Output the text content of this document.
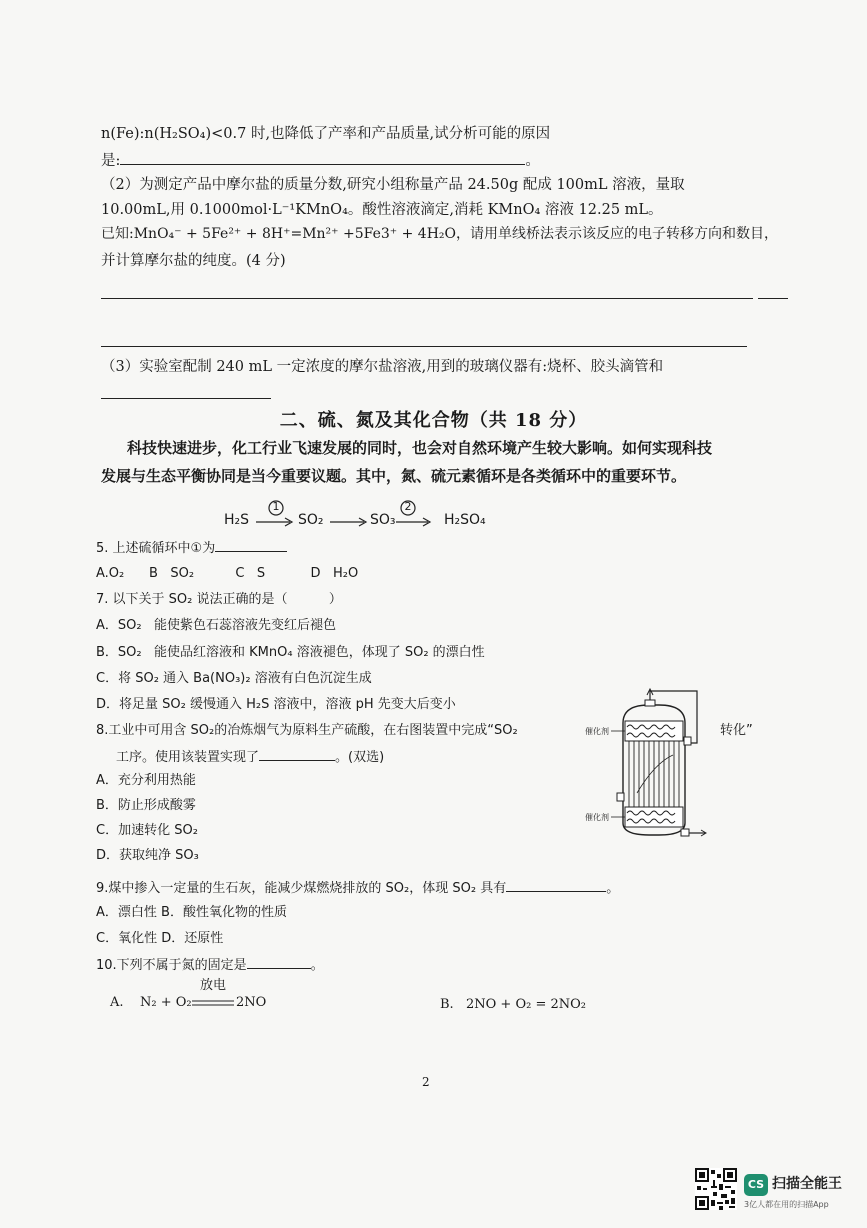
n(Fe):n(H₂SO₄)<0.7 时,也降低了产率和产品质量,试分析可能的原因
是:	。
（2）为测定产品中摩尔盐的质量分数,研究小组称量产品 24.50g 配成 100mL 溶液，量取
10.00mL,用 0.1000mol·L⁻¹KMnO₄。酸性溶液滴定,消耗 KMnO₄ 溶液 12.25 mL。
已知:MnO₄⁻ + 5Fe²⁺ + 8H⁺=Mn²⁺ +5Fe3⁺ + 4H₂O，请用单线桥法表示该反应的电子转移方向和数目，
并计算摩尔盐的纯度。(4 分)
（3）实验室配制 240 mL 一定浓度的摩尔盐溶液,用到的玻璃仪器有:烧杯、胶头滴管和
二、硫、氮及其化合物（共 18 分）
科技快速进步，化工行业飞速发展的同时，也会对自然环境产生较大影响。如何实现科技
发展与生态平衡协同是当今重要议题。其中，氮、硫元素循环是各类循环中的重要环节。
H₂S
1
SO₂	SO₃
2
H₂SO₄
5. 上述硫循环中①为
A.O₂      B   SO₂          C   S           D   H₂O
7. 以下关于 SO₂ 说法正确的是（          ）
A．SO₂   能使紫色石蕊溶液先变红后褪色
B．SO₂   能使品红溶液和 KMnO₄ 溶液褪色，体现了 SO₂ 的漂白性
C．将 SO₂ 通入 Ba(NO₃)₂ 溶液有白色沉淀生成
D．将足量 SO₂ 缓慢通入 H₂S 溶液中，溶液 pH 先变大后变小
8.工业中可用含 SO₂的冶炼烟气为原料生产硫酸，在右图装置中完成“SO₂	转化”
工序。使用该装置实现了	。(双选)
A．充分利用热能
B．防止形成酸雾
C．加速转化 SO₂
D．获取纯净 SO₃
催化剂
催化剂
9.煤中掺入一定量的生石灰，能减少煤燃烧排放的 SO₂，体现 SO₂ 具有	。
A．漂白性 B．酸性氧化物的性质
C．氧化性 D．还原性
10.下列不属于氮的固定是	。
A. N₂ + O₂
放电
2NO	B. 2NO + O₂ = 2NO₂
2
CS 扫描全能王
3亿人都在用的扫描App
